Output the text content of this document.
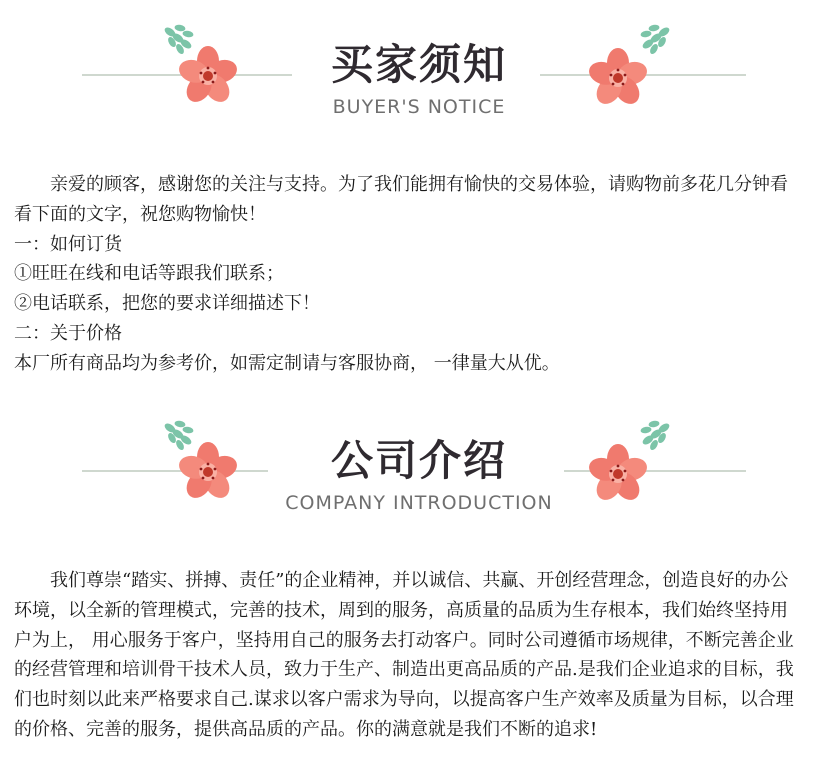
买家须知
BUYER'S NOTICE

亲爱的顾客，感谢您的关注与支持。为了我们能拥有愉快的交易体验，请购物前多花几分钟看看下面的文字，祝您购物愉快！

一：如何订货

①旺旺在线和电话等跟我们联系；

②电话联系，把您的要求详细描述下！

二：关于价格

本厂所有商品均为参考价，如需定制请与客服协商， 一律量大从优。

公司介绍
COMPANY INTRODUCTION

我们尊崇“踏实、拼搏、责任”的企业精神，并以诚信、共赢、开创经营理念，创造良好的办公环境，以全新的管理模式，完善的技术，周到的服务，高质量的品质为生存根本，我们始终坚持用户为上， 用心服务于客户，坚持用自己的服务去打动客户。同时公司遵循市场规律，不断完善企业的经营管理和培训骨干技术人员，致力于生产、制造出更高品质的产品.是我们企业追求的目标，我们也时刻以此来严格要求自己.谋求以客户需求为导向，以提高客户生产效率及质量为目标，以合理的价格、完善的服务，提供高品质的产品。你的满意就是我们不断的追求!
